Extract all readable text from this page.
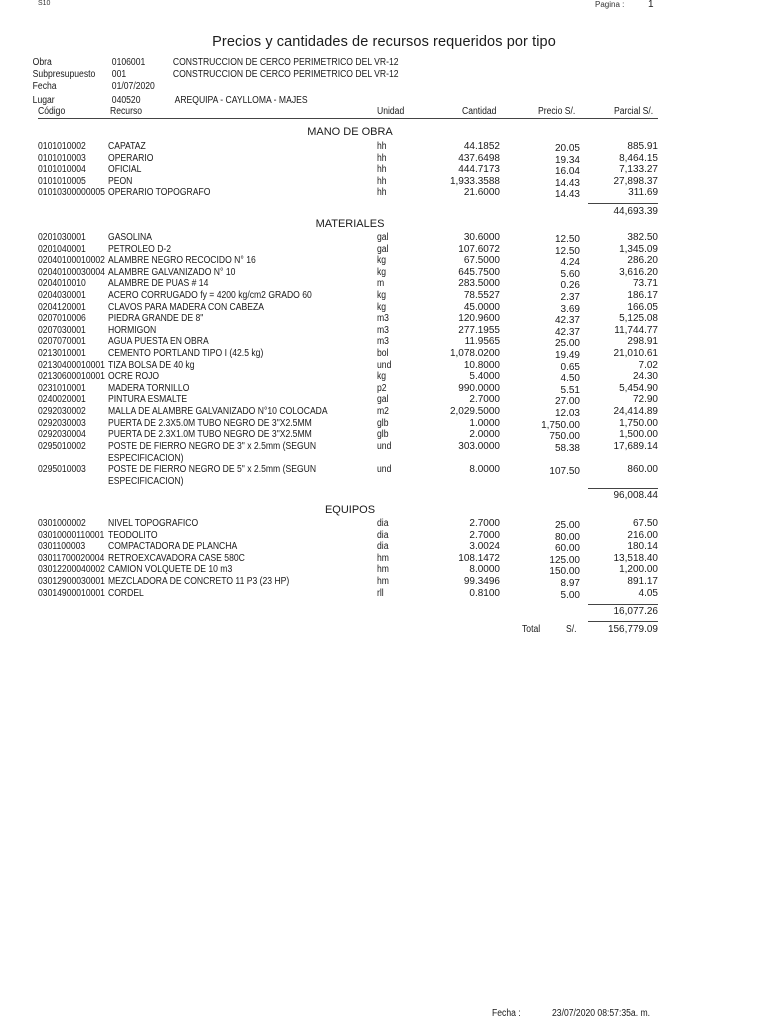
S10	Pagina : 1
Precios y cantidades de recursos requeridos por tipo
Obra	0106001	CONSTRUCCION DE CERCO PERIMETRICO DEL VR-12
Subpresupuesto 001	CONSTRUCCION DE CERCO PERIMETRICO DEL VR-12
Fecha	01/07/2020
Lugar	040520	AREQUIPA - CAYLLOMA - MAJES
Código	Recurso	Unidad	Cantidad	Precio S/.	Parcial S/.
MANO DE OBRA
0101010002 CAPATAZ	hh	44.1852	20.05	885.91
0101010003 OPERARIO	hh	437.6498	19.34	8,464.15
0101010004 OFICIAL	hh	444.7173	16.04	7,133.27
0101010005 PEON	hh	1,933.3588	14.43	27,898.37
01010300000005 OPERARIO TOPOGRAFO	hh	21.6000	14.43	311.69
44,693.39
MATERIALES
0201030001 GASOLINA	gal	30.6000	12.50	382.50
0201040001 PETROLEO D-2	gal	107.6072	12.50	1,345.09
02040100010002 ALAMBRE NEGRO RECOCIDO N° 16	kg	67.5000	4.24	286.20
02040100030004 ALAMBRE GALVANIZADO N° 10	kg	645.7500	5.60	3,616.20
0204010010 ALAMBRE DE PUAS # 14	m	283.5000	0.26	73.71
0204030001 ACERO CORRUGADO fy = 4200 kg/cm2 GRADO 60	kg	78.5527	2.37	186.17
0204120001 CLAVOS PARA MADERA CON CABEZA	kg	45.0000	3.69	166.05
0207010006 PIEDRA GRANDE DE 8"	m3	120.9600	42.37	5,125.08
0207030001 HORMIGON	m3	277.1955	42.37	11,744.77
0207070001 AGUA PUESTA EN OBRA	m3	11.9565	25.00	298.91
0213010001 CEMENTO PORTLAND TIPO I (42.5 kg)	bol	1,078.0200	19.49	21,010.61
02130400010001 TIZA BOLSA DE 40 kg	und	10.8000	0.65	7.02
02130600010001 OCRE ROJO	kg	5.4000	4.50	24.30
0231010001 MADERA TORNILLO	p2	990.0000	5.51	5,454.90
0240020001 PINTURA ESMALTE	gal	2.7000	27.00	72.90
0292030002 MALLA DE ALAMBRE GALVANIZADO N°10 COLOCADA	m2	2,029.5000	12.03	24,414.89
0292030003 PUERTA DE 2.3X5.0M TUBO NEGRO DE 3"X2.5MM	glb	1.0000	1,750.00	1,750.00
0292030004 PUERTA DE 2.3X1.0M TUBO NEGRO DE 3"X2.5MM	glb	2.0000	750.00	1,500.00
0295010002 POSTE DE FIERRO NEGRO DE 3" x 2.5mm (SEGUN	und	303.0000	58.38	17,689.14
ESPECIFICACION)
0295010003 POSTE DE FIERRO NEGRO DE 5" x 2.5mm (SEGUN	und	8.0000	107.50	860.00
ESPECIFICACION)
96,008.44
EQUIPOS
0301000002 NIVEL TOPOGRAFICO	dia	2.7000	25.00	67.50
03010000110001 TEODOLITO	dia	2.7000	80.00	216.00
0301100003 COMPACTADORA DE PLANCHA	dia	3.0024	60.00	180.14
03011700020004 RETROEXCAVADORA CASE 580C	hm	108.1472	125.00	13,518.40
03012200040002 CAMION VOLQUETE DE 10 m3	hm	8.0000	150.00	1,200.00
03012900030001 MEZCLADORA DE CONCRETO 11 P3 (23 HP)	hm	99.3496	8.97	891.17
03014900010001 CORDEL	rll	0.8100	5.00	4.05
16,077.26
Total	S/.	156,779.09
Fecha :	23/07/2020 08:57:35a. m.
